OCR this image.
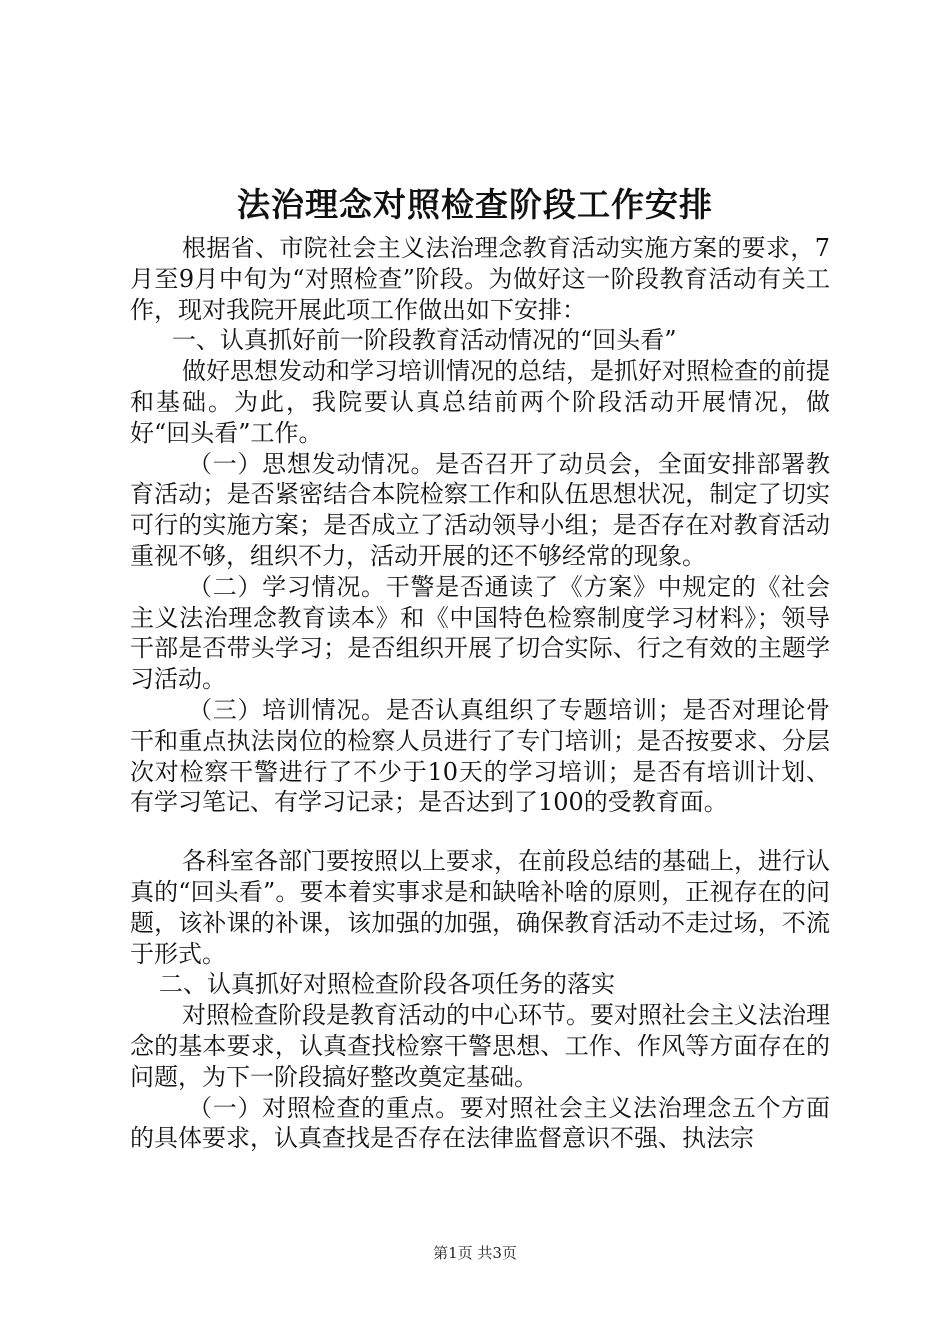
法治理念对照检查阶段工作安排

根据省、市院社会主义法治理念教育活动实施方案的要求，7月至9月中旬为“对照检查”阶段。为做好这一阶段教育活动有关工作，现对我院开展此项工作做出如下安排：

一、认真抓好前一阶段教育活动情况的“回头看”

做好思想发动和学习培训情况的总结，是抓好对照检查的前提和基础。为此，我院要认真总结前两个阶段活动开展情况，做好“回头看”工作。

（一）思想发动情况。是否召开了动员会，全面安排部署教育活动；是否紧密结合本院检察工作和队伍思想状况，制定了切实可行的实施方案；是否成立了活动领导小组；是否存在对教育活动重视不够，组织不力，活动开展的还不够经常的现象。

（二）学习情况。干警是否通读了《方案》中规定的《社会主义法治理念教育读本》和《中国特色检察制度学习材料》；领导干部是否带头学习；是否组织开展了切合实际、行之有效的主题学习活动。

（三）培训情况。是否认真组织了专题培训；是否对理论骨干和重点执法岗位的检察人员进行了专门培训；是否按要求、分层次对检察干警进行了不少于10天的学习培训；是否有培训计划、有学习笔记、有学习记录；是否达到了100的受教育面。

各科室各部门要按照以上要求，在前段总结的基础上，进行认真的“回头看”。要本着实事求是和缺啥补啥的原则，正视存在的问题，该补课的补课，该加强的加强，确保教育活动不走过场，不流于形式。

二、认真抓好对照检查阶段各项任务的落实

对照检查阶段是教育活动的中心环节。要对照社会主义法治理念的基本要求，认真查找检察干警思想、工作、作风等方面存在的问题，为下一阶段搞好整改奠定基础。

（一）对照检查的重点。要对照社会主义法治理念五个方面的具体要求，认真查找是否存在法律监督意识不强、执法宗

第1页 共3页
